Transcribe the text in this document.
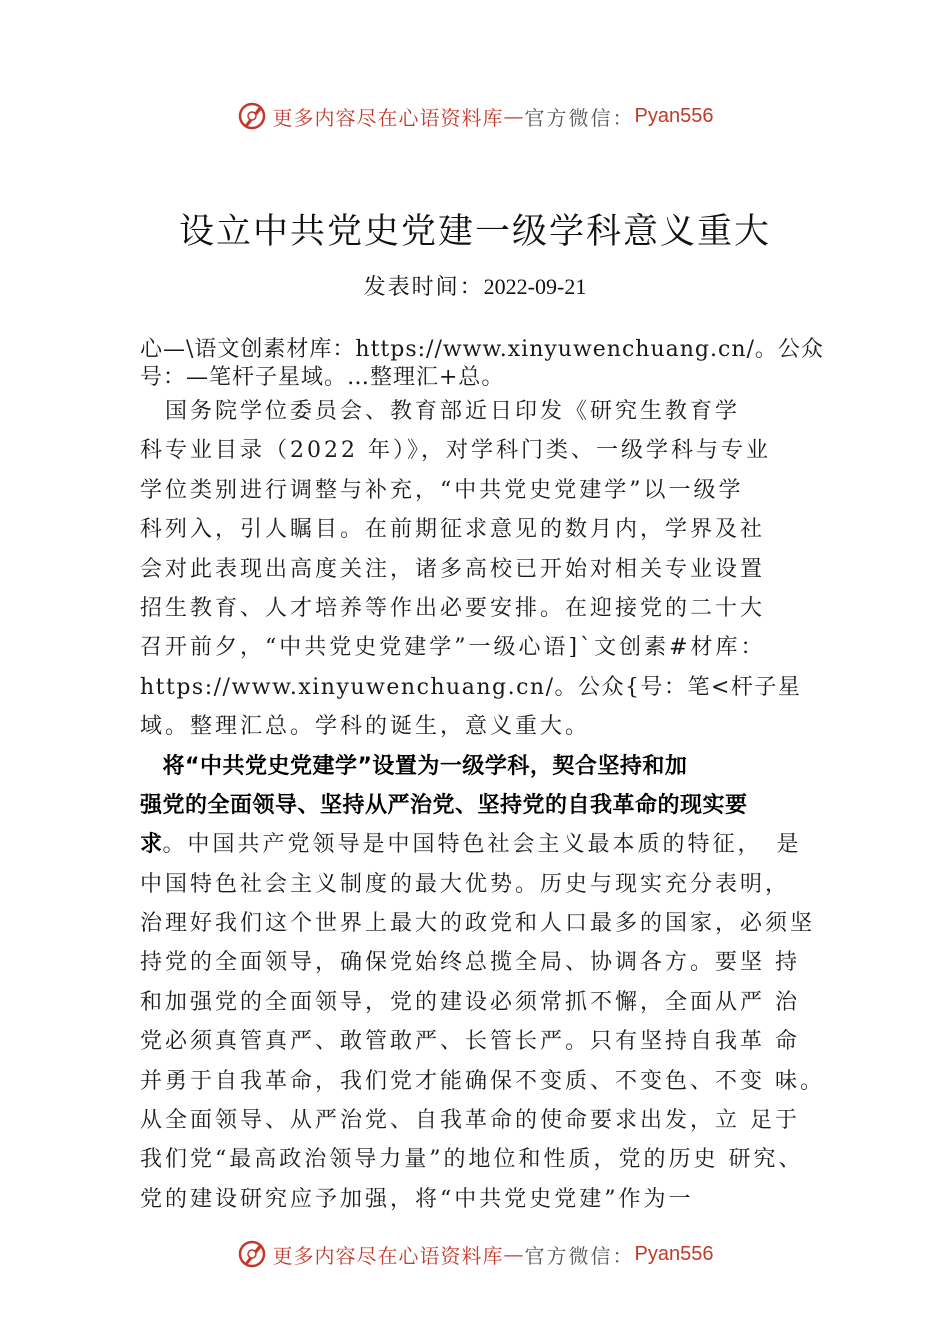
更多内容尽在心语资料库 — 官方微信： Pyan556
设立中共党史党建一级学科意义重大
发表时间：2022-09-21
心—\语文创素材库：https://www.xinyuwenchuang.cn/。公众
号：—笔杆子星域。…整理汇+总。
　国务院学位委员会、教育部近日印发《研究生教育学
科专业目录（2022 年）》，对学科门类、一级学科与专业
学位类别进行调整与补充，“中共党史党建学”以一级学
科列入，引人瞩目。在前期征求意见的数月内，学界及社
会对此表现出高度关注，诸多高校已开始对相关专业设置
招生教育、人才培养等作出必要安排。在迎接党的二十大
召开前夕，“中共党史党建学”一级心语]`文创素#材库：
https://www.xinyuwenchuang.cn/。公众{号：笔<杆子星
域。整理汇总。学科的诞生，意义重大。
　将“中共党史党建学”设置为一级学科，契合坚持和加
强党的全面领导、坚持从严治党、坚持党的自我革命的现实要
求。中国共产党领导是中国特色社会主义最本质的特征，　是
中国特色社会主义制度的最大优势。历史与现实充分表明，
治理好我们这个世界上最大的政党和人口最多的国家，必须坚
持党的全面领导，确保党始终总揽全局、协调各方。要坚 持
和加强党的全面领导，党的建设必须常抓不懈，全面从严 治
党必须真管真严、敢管敢严、长管长严。只有坚持自我革 命
并勇于自我革命，我们党才能确保不变质、不变色、不变 味。
从全面领导、从严治党、自我革命的使命要求出发，立 足于
我们党“最高政治领导力量”的地位和性质，党的历史 研究、
党的建设研究应予加强，将“中共党史党建”作为一
更多内容尽在心语资料库 — 官方微信： Pyan556
